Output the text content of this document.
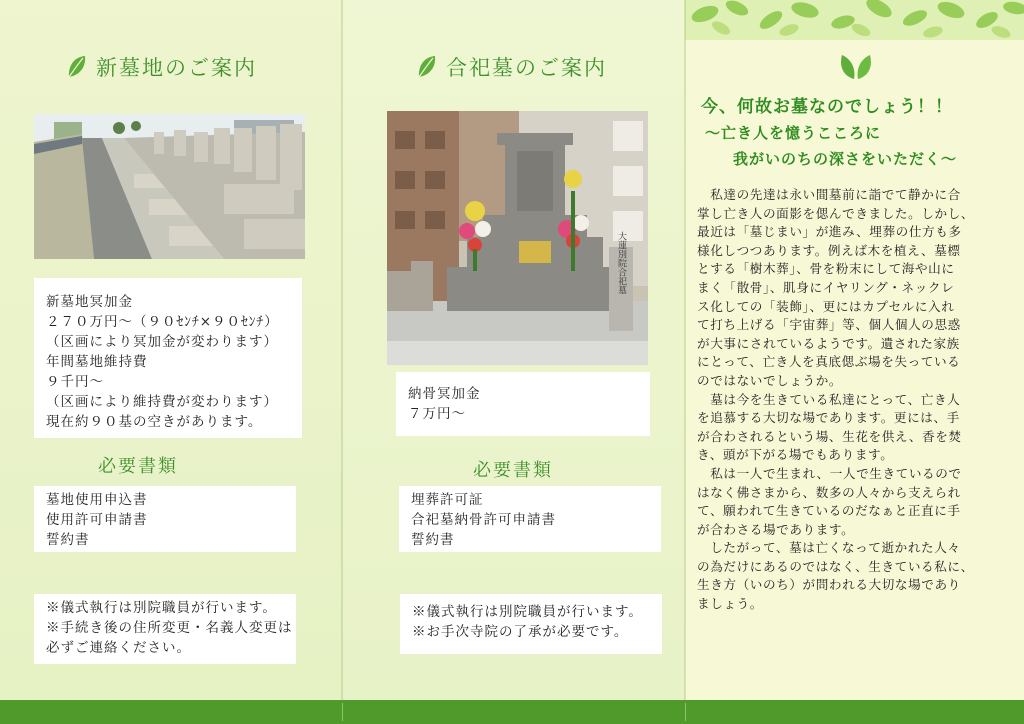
新墓地のご案内
新墓地冥加金
２７０万円～（９０ｾﾝﾁ×９０ｾﾝﾁ）
（区画により冥加金が変わります）
年間墓地維持費
９千円～
（区画により維持費が変わります）
現在約９０基の空きがあります。
必要書類
墓地使用申込書
使用許可申請書
誓約書
※儀式執行は別院職員が行います。
※手続き後の住所変更・名義人変更は
必ずご連絡ください。
合祀墓のご案内
大蓮別院合祀墓
納骨冥加金
７万円～
必要書類
埋葬許可証
合祀墓納骨許可申請書
誓約書
※儀式執行は別院職員が行います。
※お手次寺院の了承が必要です。
今、何故お墓なのでしょう！！
～亡き人を憶うこころに
我がいのちの深さをいただく～
　私達の先達は永い間墓前に詣でて静かに合
掌し亡き人の面影を偲んできました。しかし、
最近は「墓じまい」が進み、埋葬の仕方も多
様化しつつあります。例えば木を植え、墓標
とする「樹木葬」、骨を粉末にして海や山に
まく「散骨」、肌身にイヤリング・ネックレ
ス化しての「装飾」、更にはカプセルに入れ
て打ち上げる「宇宙葬」等、個人個人の思惑
が大事にされているようです。遺された家族
にとって、亡き人を真底偲ぶ場を失っている
のではないでしょうか。
　墓は今を生きている私達にとって、亡き人
を追慕する大切な場であります。更には、手
が合わされるという場、生花を供え、香を焚
き、頭が下がる場でもあります。
　私は一人で生まれ、一人で生きているので
はなく佛さまから、数多の人々から支えられ
て、願われて生きているのだなぁと正直に手
が合わさる場であります。
　したがって、墓は亡くなって逝かれた人々
の為だけにあるのではなく、生きている私に、
生き方（いのち）が問われる大切な場であり
ましょう。
